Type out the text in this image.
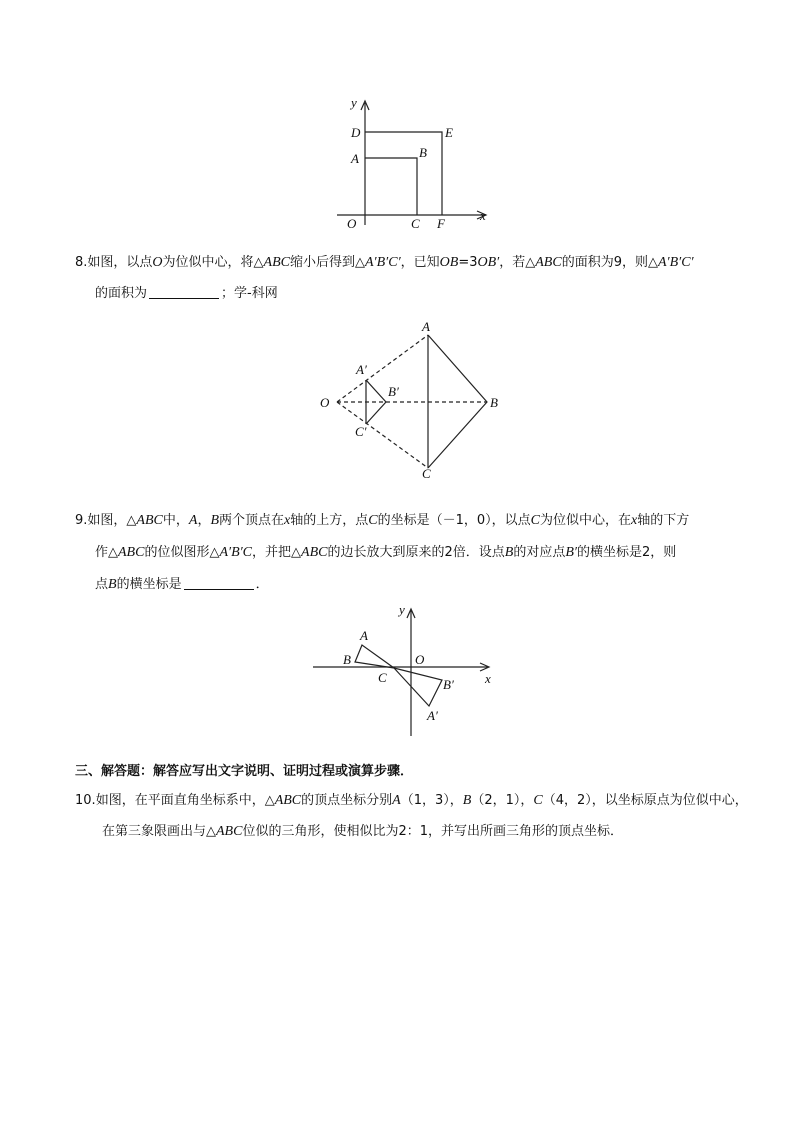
y
x
D	E
A	B
O	C F
8.如图，以点O为位似中心，将△ABC缩小后得到△A′B′C′，已知OB=3OB′，若△ABC的面积为9，则△A′B′C′
的面积为	；学-科网
A
A′
B′
O	B
C′
C
9.如图，△ABC中，A，B两个顶点在x轴的上方，点C的坐标是（－1，0），以点C为位似中心，在x轴的下方
作△ABC的位似图形△A′B′C，并把△ABC的边长放大到原来的2倍．设点B的对应点B′的横坐标是2，则
点B的横坐标是	．
y
A
B	O
C	x
B′
A′
三、解答题：解答应写出文字说明、证明过程或演算步骤．
10.如图，在平面直角坐标系中，△ABC的顶点坐标分别A（1，3），B（2，1），C（4，2），以坐标原点为位似中心，
在第三象限画出与△ABC位似的三角形，使相似比为2：1，并写出所画三角形的顶点坐标．
